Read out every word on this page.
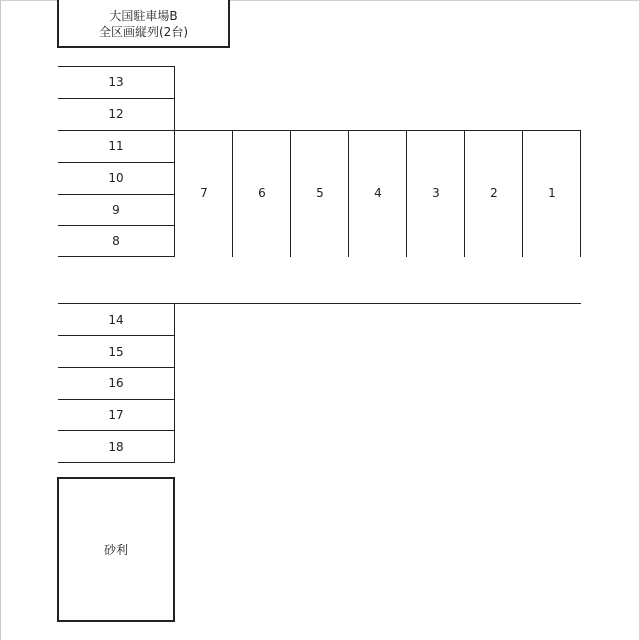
大国駐車場B
全区画縦列(2台)
13
12
11
10
9
8
7	6	5	4	3	2	1
14
15
16
17
18
砂利
